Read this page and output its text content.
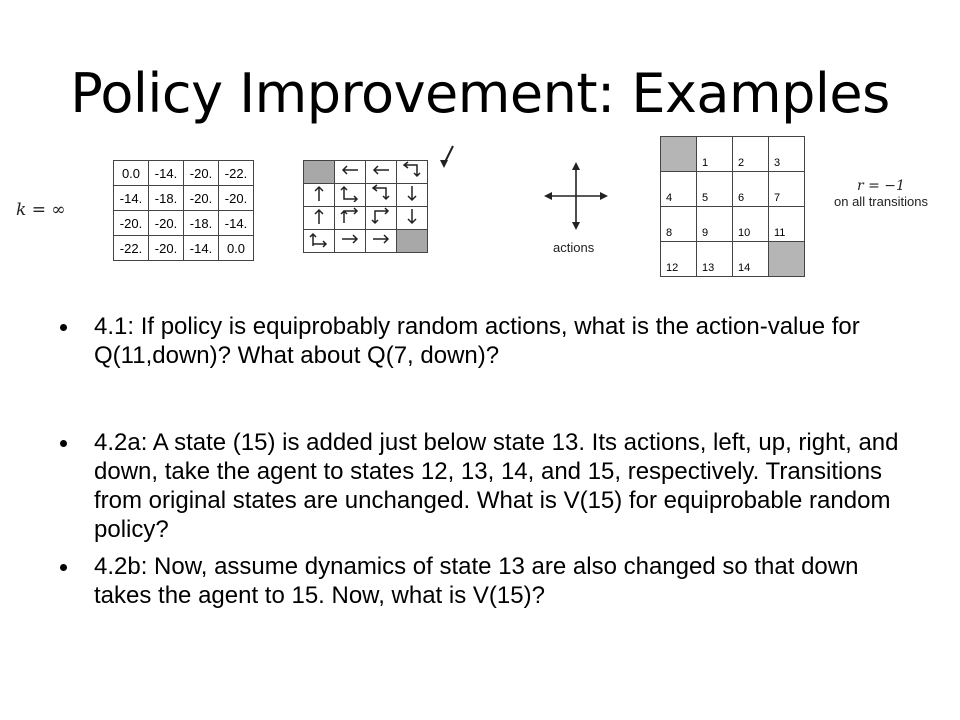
Policy Improvement: Examples
k = ∞
0.0	-14.	-20.	-22.
-14.	-18.	-20.	-20.
-20.	-20.	-18.	-14.
-22.	-20.	-14.	0.0

				actions
	1	2	3
4	5	6	7
8	9	10	11
12	13	14	
r = −1
on all transitions
4.1: If policy is equiprobably random actions, what is the action-value for Q(11,down)? What about Q(7, down)?
4.2a: A state (15) is added just below state 13. Its actions, left, up, right, and down, take the agent to states 12, 13, 14, and 15, respectively. Transitions from original states are unchanged. What is V(15) for equiprobable random policy?
4.2b: Now, assume dynamics of state 13 are also changed so that down takes the agent to 15. Now, what is V(15)?
